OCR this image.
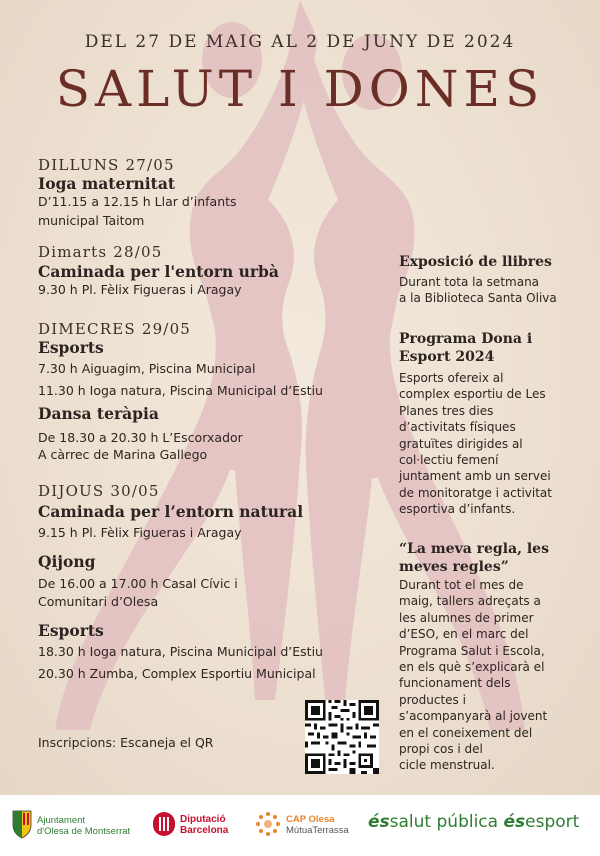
DEL 27 DE MAIG AL 2 DE JUNY DE 2024
SALUT I DONES
DILLUNS 27/05
Ioga maternitat
D’11.15 a 12.15 h Llar d’infants
municipal Taitom
Dimarts 28/05
Caminada per l'entorn urbà
9.30 h Pl. Fèlix Figueras i Aragay
DIMECRES 29/05
Esports
7.30 h Aiguagim, Piscina Municipal
11.30 h Ioga natura, Piscina Municipal d’Estiu
Dansa teràpia
De 18.30 a 20.30 h L’Escorxador
A càrrec de Marina Gallego
DIJOUS 30/05
Caminada per l’entorn natural
9.15 h Pl. Fèlix Figueras i Aragay
Qijong
De 16.00 a 17.00 h Casal Cívic i
Comunitari d’Olesa
Esports
18.30 h Ioga natura, Piscina Municipal d’Estiu
20.30 h Zumba, Complex Esportiu Municipal
Inscripcions: Escaneja el QR
Exposició de llibres
Durant tota la setmana
a la Biblioteca Santa Oliva
Programa Dona i
Esport 2024
Esports ofereix al
complex esportiu de Les
Planes tres dies
d’activitats físiques
gratuïtes dirigides al
col·lectiu femení
juntament amb un servei
de monitoratge i activitat
esportiva d’infants.
“La meva regla, les
meves regles”
Durant tot el mes de
maig, tallers adreçats a
les alumnes de primer
d’ESO, en el marc del
Programa Salut i Escola,
en els què s’explicarà el
funcionament dels
productes i
s’acompanyarà al jovent
en el coneixement del
propi cos i del
cicle menstrual.
Ajuntament
d'Olesa de Montserrat
Diputació
Barcelona
CAP Olesa
MútuaTerrassa éssalut pública ésesport
